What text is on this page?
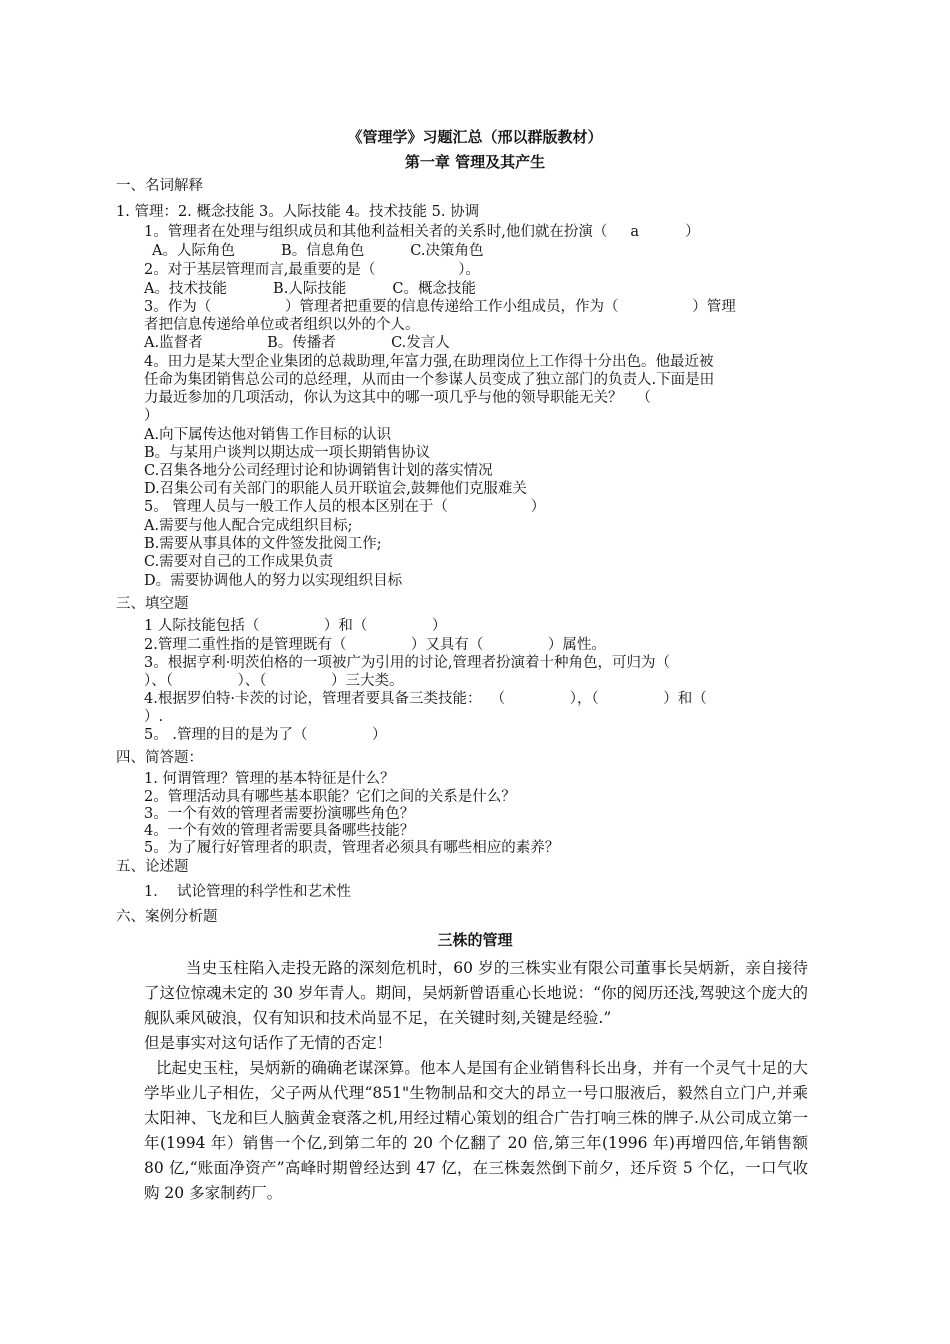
《管理学》习题汇总（邢以群版教材）
第一章 管理及其产生
一、名词解释
1. 管理：2. 概念技能 3。人际技能 4。技术技能 5. 协调
1。管理者在处理与组织成员和其他利益相关者的关系时,他们就在扮演（     a          ）
A。人际角色          B。信息角色          C.决策角色
2。对于基层管理而言,最重要的是（                  ）。
A。技术技能          B.人际技能          C。概念技能
3。作为（                ）管理者把重要的信息传递给工作小组成员，作为（                ）管理
者把信息传递给单位或者组织以外的个人。
A.监督者              B。传播者            C.发言人
4。田力是某大型企业集团的总裁助理,年富力强,在助理岗位上工作得十分出色。他最近被
任命为集团销售总公司的总经理，从而由一个参谋人员变成了独立部门的负责人.下面是田
力最近参加的几项活动，你认为这其中的哪一项几乎与他的领导职能无关？   （
）
A.向下属传达他对销售工作目标的认识
B。与某用户谈判以期达成一项长期销售协议
C.召集各地分公司经理讨论和协调销售计划的落实情况
D.召集公司有关部门的职能人员开联谊会,鼓舞他们克服难关
5。 管理人员与一般工作人员的根本区别在于（                  ）
A.需要与他人配合完成组织目标;
B.需要从事具体的文件签发批阅工作;
C.需要对自己的工作成果负责
D。需要协调他人的努力以实现组织目标
三、填空题
1 人际技能包括（              ）和（              ）
2.管理二重性指的是管理既有（              ）又具有（              ）属性。
3。根据亨利·明茨伯格的一项被广为引用的讨论,管理者扮演着十种角色，可归为（
）、（              ）、（              ）三大类。
4.根据罗伯特·卡茨的讨论，管理者要具备三类技能：  （              ），（              ）和（
）.
5。 .管理的目的是为了（              ）
四、简答题：
1. 何谓管理？管理的基本特征是什么？
2。管理活动具有哪些基本职能？它们之间的关系是什么？
3。一个有效的管理者需要扮演哪些角色？
4。一个有效的管理者需要具备哪些技能？
5。为了履行好管理者的职责，管理者必须具有哪些相应的素养？
五、论述题
1．  试论管理的科学性和艺术性
六、案例分析题
三株的管理
当史玉柱陷入走投无路的深刻危机时，60 岁的三株实业有限公司董事长吴炳新，亲自接待了这位惊魂未定的 30 岁年青人。期间，吴炳新曾语重心长地说：“你的阅历还浅,驾驶这个庞大的舰队乘风破浪，仅有知识和技术尚显不足，在关键时刻,关键是经验.”
但是事实对这句话作了无情的否定！
比起史玉柱，吴炳新的确确老谋深算。他本人是国有企业销售科长出身，并有一个灵气十足的大学毕业儿子相佐，父子两从代理“851"生物制品和交大的昂立一号口服液后，毅然自立门户,并乘太阳神、飞龙和巨人脑黄金衰落之机,用经过精心策划的组合广告打响三株的牌子.从公司成立第一年(1994 年）销售一个亿,到第二年的 20 个亿翻了 20 倍,第三年(1996 年)再增四倍,年销售额 80 亿,“账面净资产”高峰时期曾经达到 47 亿，在三株轰然倒下前夕，还斥资 5 个亿，一口气收购 20 多家制药厂。
